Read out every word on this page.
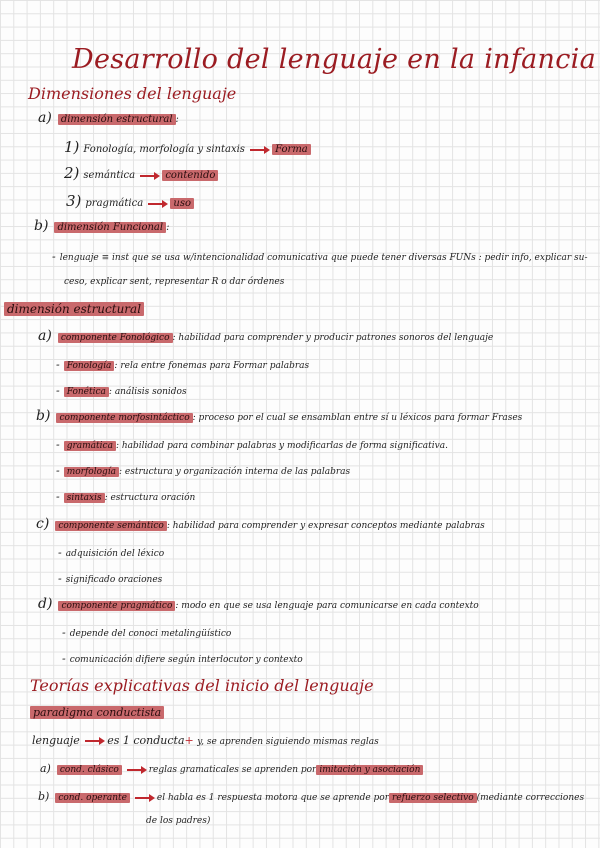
Desarrollo del lenguaje en la infancia
Dimensiones del lenguaje
a) dimensión estructural :
1) Fonología, morfología y sintaxis	Forma
2) semántica	contenido
3) pragmática	uso
b) dimensión Funcional :
- lenguaje ≡ inst que se usa w/intencionalidad comunicativa que puede tener diversas FUNs : pedir info, explicar su-
ceso, explicar sent, representar R o dar órdenes
dimensión estructural
a) componente Fonológico : habilidad para comprender y producir patrones sonoros del lenguaje
- Fonología : rela entre fonemas para Formar palabras
- Fonética : análisis sonidos
b) componente morfosintáctico : proceso por el cual se ensamblan entre sí u léxicos para formar Frases
- gramática : habilidad para combinar palabras y modificarlas de forma significativa.
- morfología : estructura y organización interna de las palabras
- sintaxis : estructura oración
c) componente semántico : habilidad para comprender y expresar conceptos mediante palabras
- adquisición del léxico
- significado oraciones
d) componente pragmático : modo en que se usa lenguaje para comunicarse en cada contexto
- depende del conoci metalingüístico
- comunicación difiere según interlocutor y contexto
Teorías explicativas del inicio del lenguaje
paradigma conductista
lenguaje	es 1 conducta+ y, se aprenden siguiendo mismas reglas
a) cond. clásico	reglas gramaticales se aprenden por imitación y asociación
b) cond. operante	el habla es 1 respuesta motora que se aprende por refuerzo selectivo (mediante correcciones
de los padres)
